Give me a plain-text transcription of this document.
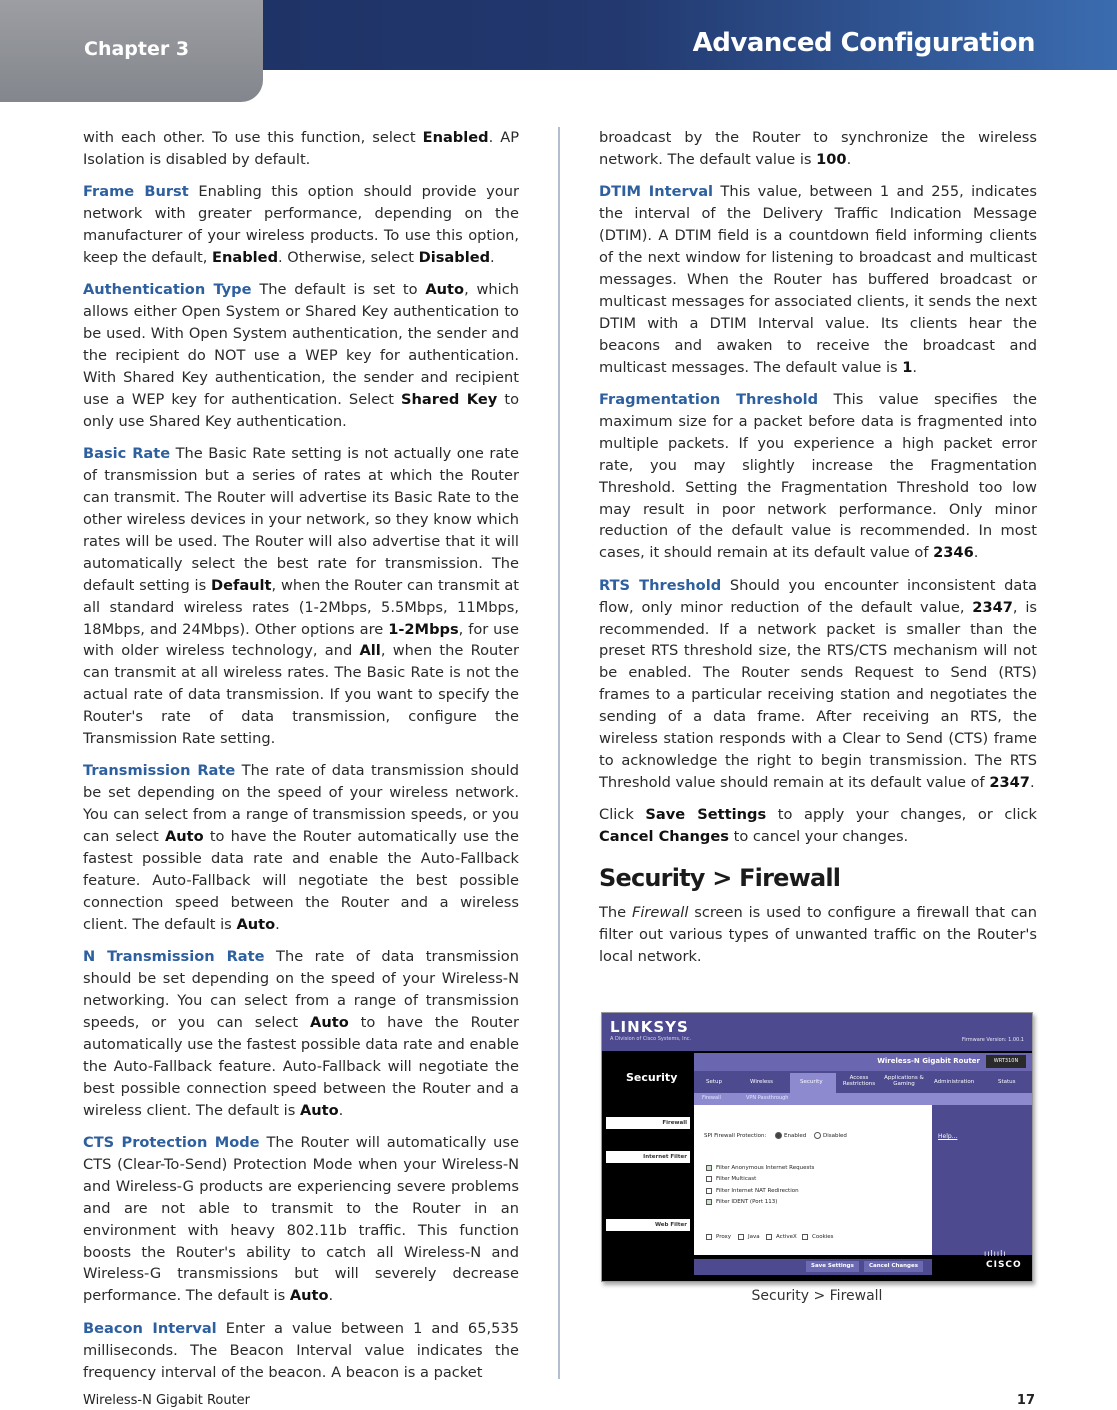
Chapter 3	Advanced Configuration

with each other. To use this function, select Enabled. AP Isolation is disabled by default.

Frame Burst Enabling this option should provide your network with greater performance, depending on the manufacturer of your wireless products. To use this option, keep the default, Enabled. Otherwise, select Disabled.

Authentication Type The default is set to Auto, which allows either Open System or Shared Key authentication to be used. With Open System authentication, the sender and the recipient do NOT use a WEP key for authentication. With Shared Key authentication, the sender and recipient use a WEP key for authentication. Select Shared Key to only use Shared Key authentication.

Basic Rate The Basic Rate setting is not actually one rate of transmission but a series of rates at which the Router can transmit. The Router will advertise its Basic Rate to the other wireless devices in your network, so they know which rates will be used. The Router will also advertise that it will automatically select the best rate for transmission. The default setting is Default, when the Router can transmit at all standard wireless rates (1-2Mbps, 5.5Mbps, 11Mbps, 18Mbps, and 24Mbps). Other options are 1-2Mbps, for use with older wireless technology, and All, when the Router can transmit at all wireless rates. The Basic Rate is not the actual rate of data transmission. If you want to specify the Router's rate of data transmission, configure the Transmission Rate setting.

Transmission Rate The rate of data transmission should be set depending on the speed of your wireless network. You can select from a range of transmission speeds, or you can select Auto to have the Router automatically use the fastest possible data rate and enable the Auto-Fallback feature. Auto-Fallback will negotiate the best possible connection speed between the Router and a wireless client. The default is Auto.

N Transmission Rate The rate of data transmission should be set depending on the speed of your Wireless-N networking. You can select from a range of transmission speeds, or you can select Auto to have the Router automatically use the fastest possible data rate and enable the Auto-Fallback feature. Auto-Fallback will negotiate the best possible connection speed between the Router and a wireless client. The default is Auto.

CTS Protection Mode The Router will automatically use CTS (Clear-To-Send) Protection Mode when your Wireless-N and Wireless-G products are experiencing severe problems and are not able to transmit to the Router in an environment with heavy 802.11b traffic. This function boosts the Router's ability to catch all Wireless-N and Wireless-G transmissions but will severely decrease performance. The default is Auto.

Beacon Interval Enter a value between 1 and 65,535 milliseconds. The Beacon Interval value indicates the frequency interval of the beacon. A beacon is a packet

broadcast by the Router to synchronize the wireless network. The default value is 100.

DTIM Interval This value, between 1 and 255, indicates the interval of the Delivery Traffic Indication Message (DTIM). A DTIM field is a countdown field informing clients of the next window for listening to broadcast and multicast messages. When the Router has buffered broadcast or multicast messages for associated clients, it sends the next DTIM with a DTIM Interval value. Its clients hear the beacons and awaken to receive the broadcast and multicast messages. The default value is 1.

Fragmentation Threshold This value specifies the maximum size for a packet before data is fragmented into multiple packets. If you experience a high packet error rate, you may slightly increase the Fragmentation Threshold. Setting the Fragmentation Threshold too low may result in poor network performance. Only minor reduction of the default value is recommended. In most cases, it should remain at its default value of 2346.

RTS Threshold Should you encounter inconsistent data flow, only minor reduction of the default value, 2347, is recommended. If a network packet is smaller than the preset RTS threshold size, the RTS/CTS mechanism will not be enabled. The Router sends Request to Send (RTS) frames to a particular receiving station and negotiates the sending of a data frame. After receiving an RTS, the wireless station responds with a Clear to Send (CTS) frame to acknowledge the right to begin transmission. The RTS Threshold value should remain at its default value of 2347.

Click Save Settings to apply your changes, or click Cancel Changes to cancel your changes.

Security > Firewall

The Firewall screen is used to configure a firewall that can filter out various types of unwanted traffic on the Router's local network.

LINKSYS
A Division of Cisco Systems, Inc.	Firmware Version: 1.00.1
Security
Wireless-N Gigabit Router	WRT310N
Setup	Wireless	Security
Access Restrictions
Applications & Gaming	Administration	Status
Firewall	VPN Passthrough
Firewall
Internet Filter
Web Filter
SPI Firewall Protection:	Enabled	Disabled
Filter Anonymous Internet Requests
Filter Multicast
Filter Internet NAT Redirection
Filter IDENT (Port 113)
Proxy	Java	ActiveX	Cookies
Help...
Save Settings	Cancel Changes
ıılıılı
CISCO
Security > Firewall
Wireless-N Gigabit Router	17
